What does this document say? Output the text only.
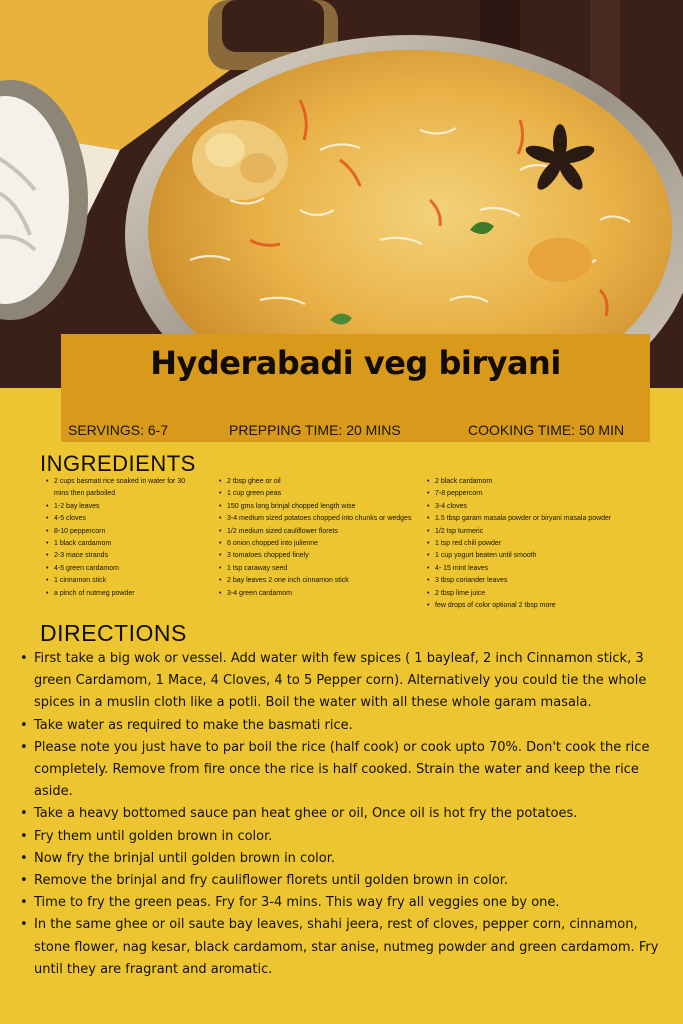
Hyderabadi veg biryani
SERVINGS: 6-7	PREPPING TIME: 20 MINS	COOKING TIME: 50 MIN
INGREDIENTS
• 2 cups basmati rice soaked in water for 30
mins then parboiled
• 1-2 bay leaves
• 4-5 cloves
• 8-10 peppercorn
• 1 black cardamom
• 2-3 mace strands
• 4-5 green cardamom
• 1 cinnamon stick
• a pinch of nutmeg powder
• 2 tbsp ghee or oil
• 1 cup green peas
• 150 gms long brinjal chopped length wise
• 3-4 medium sized potatoes chopped into chunks or wedges
• 1/2 medium sized cauliflower florets
• 6 onion chopped into julienne
• 3 tomatoes chopped finely
• 1 tsp caraway seed
• 2 bay leaves 2 one inch cinnamon stick
• 3-4 green cardamom
• 2 black cardamom
• 7-8 peppercorn
• 3-4 cloves
• 1.5 tbsp garam masala powder or biryani masala powder
• 1/2 tsp turmeric
• 1 tsp red chili powder
• 1 cup yogurt beaten until smooth
• 4- 15 mint leaves
• 3 tbsp coriander leaves
• 2 tbsp lime juice
• few drops of color optional 2 tbsp more
DIRECTIONS
• First take a big wok or vessel. Add water with few spices ( 1 bayleaf, 2 inch Cinnamon stick, 3 green Cardamom, 1 Mace, 4 Cloves, 4 to 5 Pepper corn). Alternatively you could tie the whole spices in a muslin cloth like a potli. Boil the water with all these whole garam masala.
• Take water as required to make the basmati rice.
• Please note you just have to par boil the rice (half cook) or cook upto 70%. Don't cook the rice completely. Remove from fire once the rice is half cooked. Strain the water and keep the rice aside.
• Take a heavy bottomed sauce pan heat ghee or oil, Once oil is hot fry the potatoes.
• Fry them until golden brown in color.
• Now fry the brinjal until golden brown in color.
• Remove the brinjal and fry cauliflower florets until golden brown in color.
• Time to fry the green peas. Fry for 3-4 mins. This way fry all veggies one by one.
• In the same ghee or oil saute bay leaves, shahi jeera, rest of cloves, pepper corn, cinnamon, stone flower, nag kesar, black cardamom, star anise, nutmeg powder and green cardamom. Fry until they are fragrant and aromatic.
